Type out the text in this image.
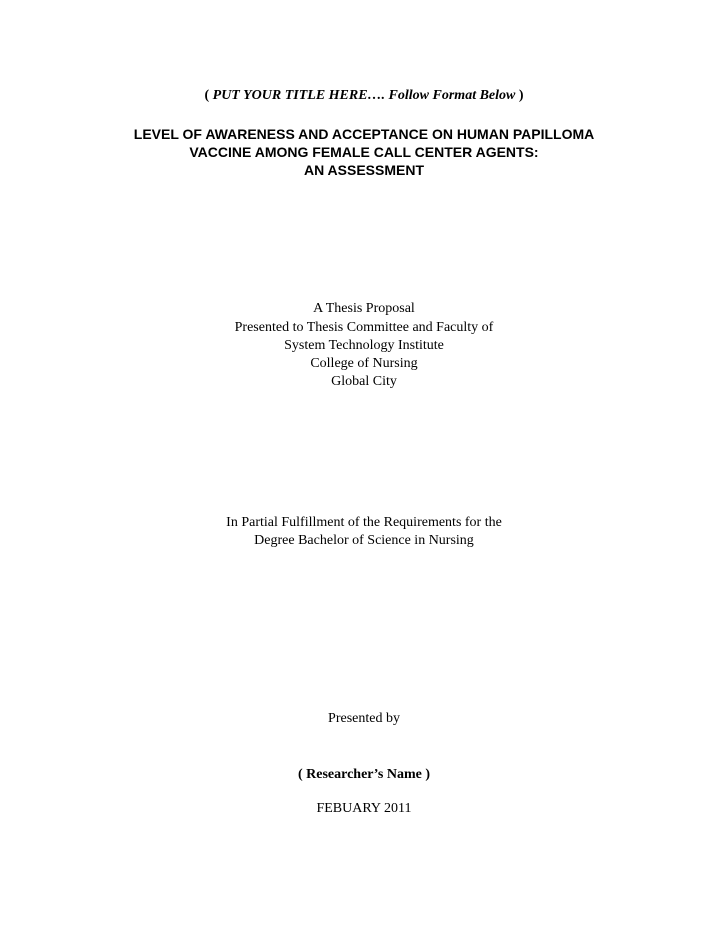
( PUT YOUR TITLE HERE…. Follow Format Below )
LEVEL OF AWARENESS AND ACCEPTANCE ON HUMAN PAPILLOMA
VACCINE AMONG FEMALE CALL CENTER AGENTS:
AN ASSESSMENT
A Thesis Proposal
Presented to Thesis Committee and Faculty of
System Technology Institute
College of Nursing
Global City
In Partial Fulfillment of the Requirements for the
Degree Bachelor of Science in Nursing
Presented by
( Researcher’s Name )
FEBUARY 2011
